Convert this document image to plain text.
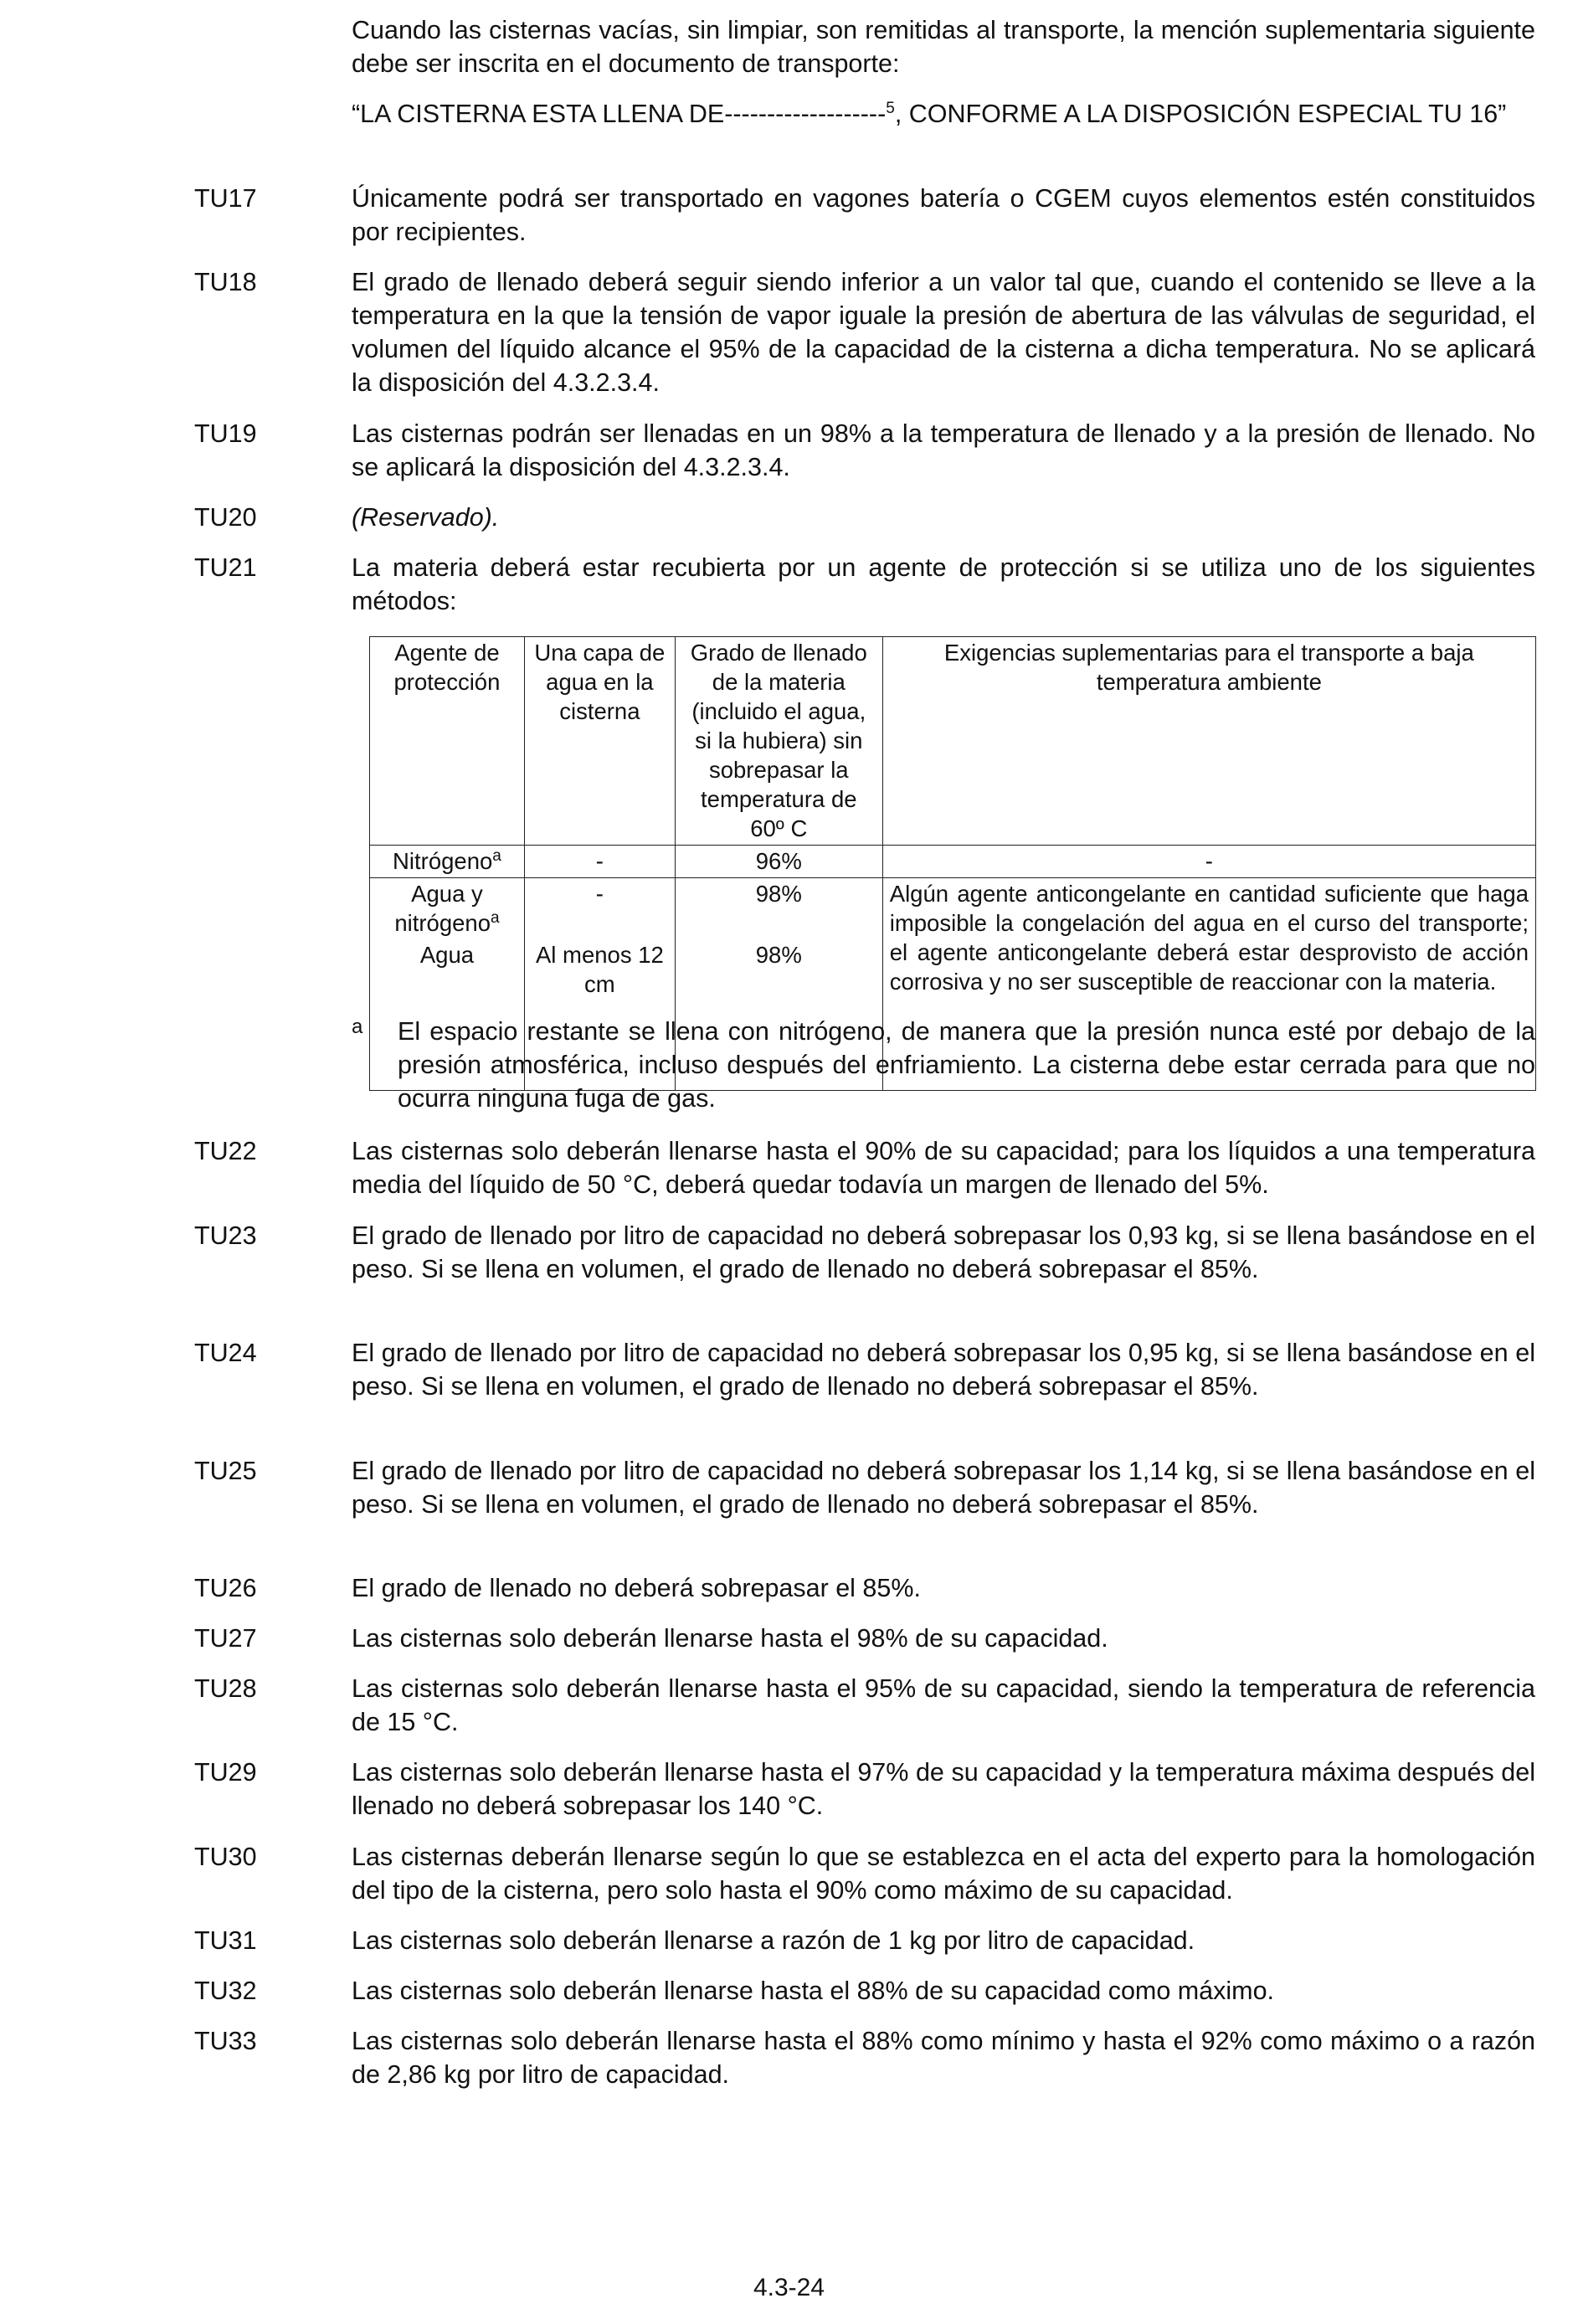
Cuando las cisternas vacías, sin limpiar, son remitidas al transporte, la mención suplementaria siguiente debe ser inscrita en el documento de transporte:

“LA CISTERNA ESTA LLENA DE-------------------$^5$, CONFORME A LA DISPOSICIÓN ESPECIAL TU 16”

TU17	Únicamente podrá ser transportado en vagones batería o CGEM cuyos elementos estén constituidos por recipientes.

TU18	El grado de llenado deberá seguir siendo inferior a un valor tal que, cuando el contenido se lleve a la temperatura en la que la tensión de vapor iguale la presión de abertura de las válvulas de seguridad, el volumen del líquido alcance el 95% de la capacidad de la cisterna a dicha temperatura. No se aplicará la disposición del 4.3.2.3.4.

TU19	Las cisternas podrán ser llenadas en un 98% a la temperatura de llenado y a la presión de llenado. No se aplicará la disposición del 4.3.2.3.4.

TU20	(Reservado).

TU21	La materia deberá estar recubierta por un agente de protección si se utiliza uno de los siguientes métodos:

Agente de protección	Una capa de agua en la cisterna	Grado de llenado de la materia (incluido el agua, si la hubiera) sin sobrepasar la temperatura de 60º C	Exigencias suplementarias para el transporte a baja temperatura ambiente
Nitrógeno$^a$	-	96%	-
Agua y nitrógeno$^a$	-	98%	Algún agente anticongelante en cantidad suficiente que haga imposible la congelación del agua en el curso del transporte; el agente anticongelante deberá estar desprovisto de acción corrosiva y no ser susceptible de reaccionar con la materia.
Agua	Al menos 12 cm	98%	
a El espacio restante se llena con nitrógeno, de manera que la presión nunca esté por debajo de la presión atmosférica, incluso después del enfriamiento. La cisterna debe estar cerrada para que no ocurra ninguna fuga de gas.

TU22	Las cisternas solo deberán llenarse hasta el 90% de su capacidad; para los líquidos a una temperatura media del líquido de 50 °C, deberá quedar todavía un margen de llenado del 5%.

TU23	El grado de llenado por litro de capacidad no deberá sobrepasar los 0,93 kg, si se llena basándose en el peso. Si se llena en volumen, el grado de llenado no deberá sobrepasar el 85%.

TU24	El grado de llenado por litro de capacidad no deberá sobrepasar los 0,95 kg, si se llena basándose en el peso. Si se llena en volumen, el grado de llenado no deberá sobrepasar el 85%.

TU25	El grado de llenado por litro de capacidad no deberá sobrepasar los 1,14 kg, si se llena basándose en el peso. Si se llena en volumen, el grado de llenado no deberá sobrepasar el 85%.

TU26	El grado de llenado no deberá sobrepasar el 85%.

TU27	Las cisternas solo deberán llenarse hasta el 98% de su capacidad.

TU28	Las cisternas solo deberán llenarse hasta el 95% de su capacidad, siendo la temperatura de referencia de 15 °C.

TU29	Las cisternas solo deberán llenarse hasta el 97% de su capacidad y la temperatura máxima después del llenado no deberá sobrepasar los 140 °C.

TU30	Las cisternas deberán llenarse según lo que se establezca en el acta del experto para la homologación del tipo de la cisterna, pero solo hasta el 90% como máximo de su capacidad.

TU31	Las cisternas solo deberán llenarse a razón de 1 kg por litro de capacidad.

TU32	Las cisternas solo deberán llenarse hasta el 88% de su capacidad como máximo.

TU33	Las cisternas solo deberán llenarse hasta el 88% como mínimo y hasta el 92% como máximo o a razón de 2,86 kg por litro de capacidad.

4.3-24
